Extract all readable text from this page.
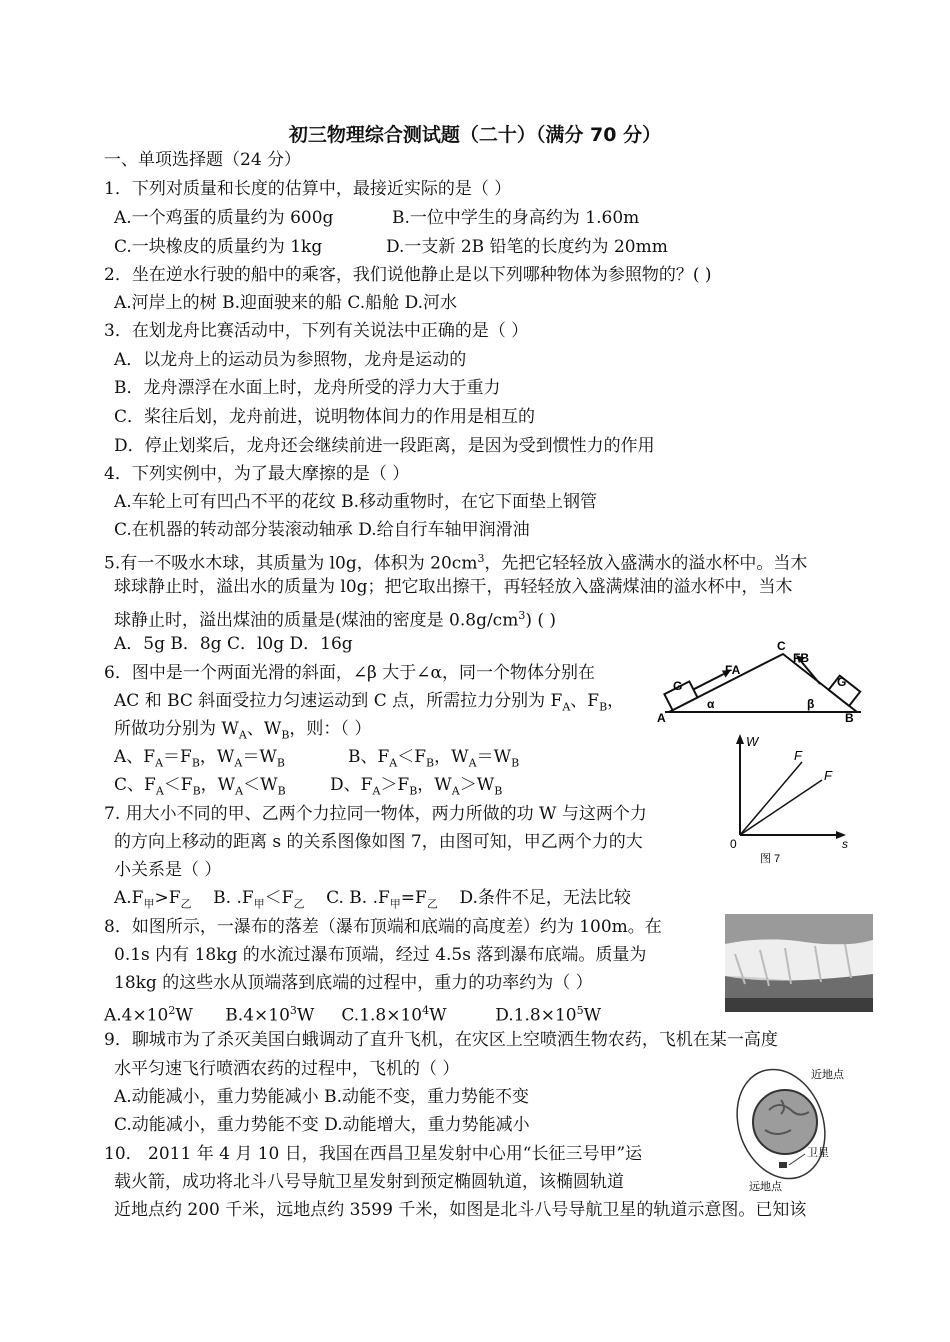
初三物理综合测试题（二十）（满分 70 分）
一、单项选择题（24 分）
1．下列对质量和长度的估算中，最接近实际的是（ ）
A.一个鸡蛋的质量约为 600g	B.一位中学生的身高约为 1.60m
C.一块橡皮的质量约为 1kg	D.一支新 2B 铅笔的长度约为 20mm
2．坐在逆水行驶的船中的乘客，我们说他静止是以下列哪种物体为参照物的？( )
A.河岸上的树 B.迎面驶来的船 C.船舱 D.河水
3．在划龙舟比赛活动中，下列有关说法中正确的是（ ）
A．以龙舟上的运动员为参照物，龙舟是运动的
B．龙舟漂浮在水面上时，龙舟所受的浮力大于重力
C．桨往后划，龙舟前进，说明物体间力的作用是相互的
D．停止划桨后，龙舟还会继续前进一段距离，是因为受到惯性力的作用
4．下列实例中，为了最大摩擦的是（ ）
A.车轮上可有凹凸不平的花纹 B.移动重物时，在它下面垫上钢管
C.在机器的转动部分装滚动轴承 D.给自行车轴甲润滑油
5.有一不吸水木球，其质量为 l0g，体积为 $20cm^3$，先把它轻轻放入盛满水的溢水杯中。当木
球球静止时，溢出水的质量为 l0g；把它取出擦干，再轻轻放入盛满煤油的溢水杯中，当木
球静止时，溢出煤油的质量是(煤油的密度是 $0.8g/cm^3$) ( )
A．5g B．8g C．l0g D．16g
6．图中是一个两面光滑的斜面，∠β 大于∠α，同一个物体分别在
AC 和 BC 斜面受拉力匀速运动到 C 点，所需拉力分别为 $F_A$、$F_B$，
所做功分别为 $W_A$、$W_B$，则：（ ）
A、$F_A=F_B$，$W_A=W_B$	B、$F_A<F_B$，$W_A=W_B$
C、$F_A<F_B$，$W_A<W_B$	D、$F_A>F_B$，$W_A>W_B$
C
FB
FA
G	G
α	β
A	B
7. 用大小不同的甲、乙两个力拉同一物体，两力所做的功 W 与这两个力
的方向上移动的距离 s 的关系图像如图 7，由图可知，甲乙两个力的大
小关系是（ ）
$A.F_甲>F_乙$ B. $.F_甲<F_乙$ C. B. $.F_甲=F_乙$ D.条件不足，无法比较
W
F
F
0	s
图 7
8．如图所示，一瀑布的落差（瀑布顶端和底端的高度差）约为 100m。在
0.1s 内有 18kg 的水流过瀑布顶端，经过 4.5s 落到瀑布底端。质量为
18kg 的这些水从顶端落到底端的过程中，重力的功率约为（ ）
$A.4\times 10^2W$ $B.4\times 10^3W$ $C.1.8\times 10^4W$	$D.1.8\times 10^5W$
9．聊城市为了杀灭美国白蛾调动了直升飞机，在灾区上空喷洒生物农药，飞机在某一高度
水平匀速飞行喷洒农药的过程中，飞机的（ ）
A.动能减小，重力势能减小 B.动能不变，重力势能不变
C.动能减小，重力势能不变 D.动能增大，重力势能减小
近地点
卫星
远地点
10． 2011 年 4 月 10 日，我国在西昌卫星发射中心用“长征三号甲”运
载火箭，成功将北斗八号导航卫星发射到预定椭圆轨道，该椭圆轨道
近地点约 200 千米，远地点约 3599 千米，如图是北斗八号导航卫星的轨道示意图。已知该
